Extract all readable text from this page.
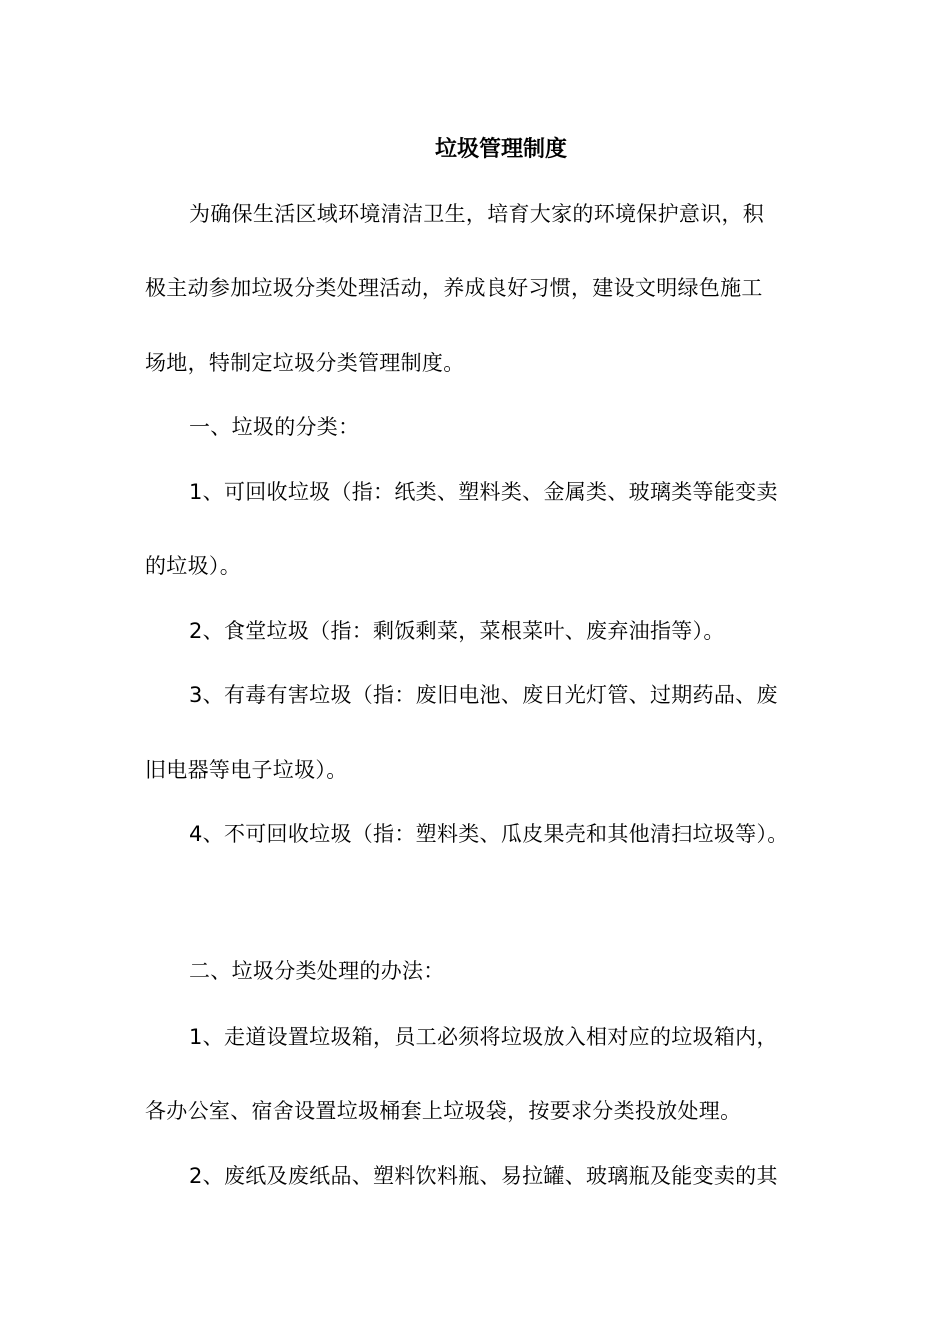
垃圾管理制度
为确保生活区域环境清洁卫生，培育大家的环境保护意识，积
极主动参加垃圾分类处理活动，养成良好习惯，建设文明绿色施工
场地，特制定垃圾分类管理制度。
一、垃圾的分类：
1、可回收垃圾（指：纸类、塑料类、金属类、玻璃类等能变卖
的垃圾）。
2、食堂垃圾（指：剩饭剩菜，菜根菜叶、废弃油指等）。
3、有毒有害垃圾（指：废旧电池、废日光灯管、过期药品、废
旧电器等电子垃圾）。
4、不可回收垃圾（指：塑料类、瓜皮果壳和其他清扫垃圾等）。
二、垃圾分类处理的办法：
1、走道设置垃圾箱，员工必须将垃圾放入相对应的垃圾箱内，
各办公室、宿舍设置垃圾桶套上垃圾袋，按要求分类投放处理。
2、废纸及废纸品、塑料饮料瓶、易拉罐、玻璃瓶及能变卖的其
